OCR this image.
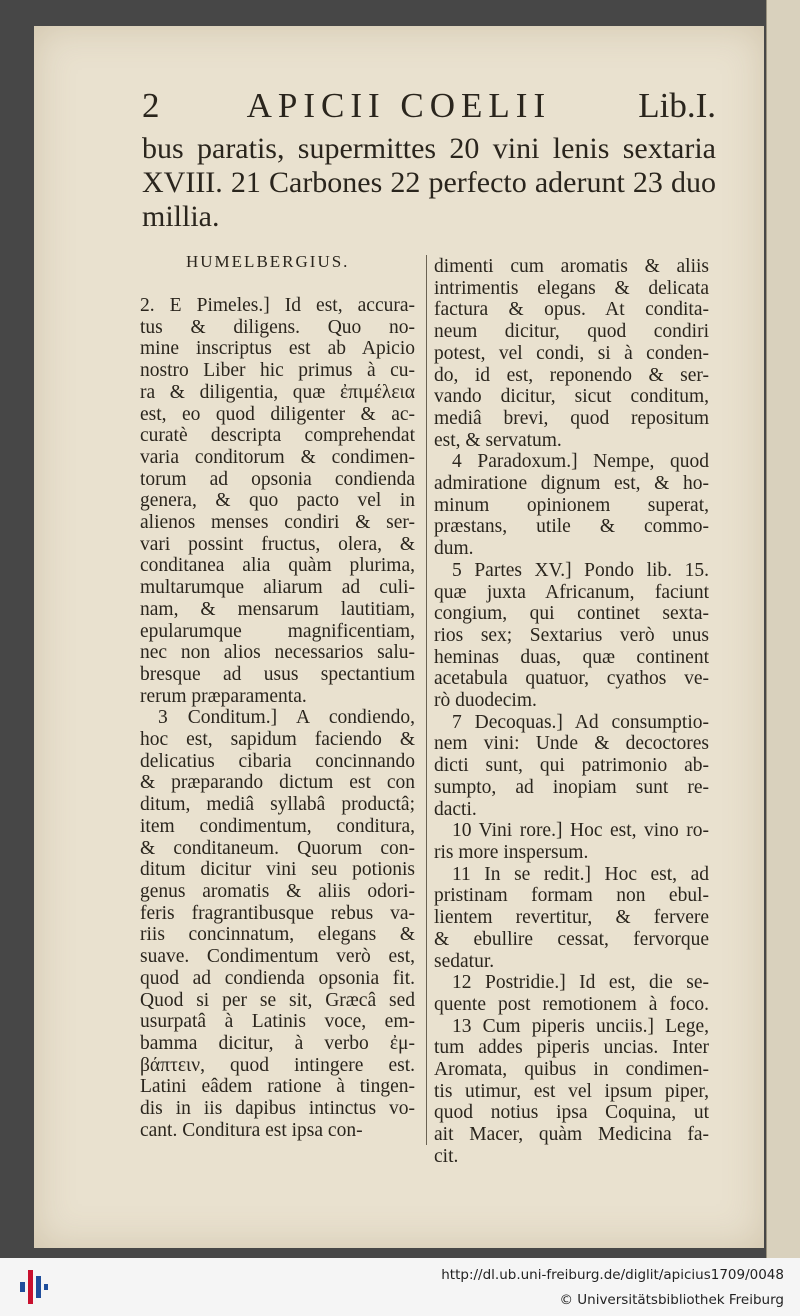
2 APICII COELII Lib.I.
bus paratis, supermittes 20 vini lenis sextaria
XVIII. 21 Carbones 22 perfecto aderunt 23 duo
millia.
HUMELBERGIUS.
2. E Pimeles.] Id est, accura-
tus & diligens. Quo no-
mine inscriptus est ab Apicio
nostro Liber hic primus à cu-
ra & diligentia, quæ ἐπιμέλεια
est, eo quod diligenter & ac-
curatè descripta comprehendat
varia conditorum & condimen-
torum ad opsonia condienda
genera, & quo pacto vel in
alienos menses condiri & ser-
vari possint fructus, olera, &
conditanea alia quàm plurima,
multarumque aliarum ad culi-
nam, & mensarum lautitiam,
epularumque magnificentiam,
nec non alios necessarios salu-
bresque ad usus spectantium
rerum præparamenta.
3 Conditum.] A condiendo,
hoc est, sapidum faciendo &
delicatius cibaria concinnando
& præparando dictum est con
ditum, mediâ syllabâ productâ;
item condimentum, conditura,
& conditaneum. Quorum con-
ditum dicitur vini seu potionis
genus aromatis & aliis odori-
feris fragrantibusque rebus va-
riis concinnatum, elegans &
suave. Condimentum verò est,
quod ad condienda opsonia fit.
Quod si per se sit, Græcâ sed
usurpatâ à Latinis voce, em-
bamma dicitur, à verbo ἐμ-
βάπτειν, quod intingere est.
Latini eâdem ratione à tingen-
dis in iis dapibus intinctus vo-
cant. Conditura est ipsa con-
dimenti cum aromatis & aliis
intrimentis elegans & delicata
factura & opus. At condita-
neum dicitur, quod condiri
potest, vel condi, si à conden-
do, id est, reponendo & ser-
vando dicitur, sicut conditum,
mediâ brevi, quod repositum
est, & servatum.
4 Paradoxum.] Nempe, quod
admiratione dignum est, & ho-
minum opinionem superat,
præstans, utile & commo-
dum.
5 Partes XV.] Pondo lib. 15.
quæ juxta Africanum, faciunt
congium, qui continet sexta-
rios sex; Sextarius verò unus
heminas duas, quæ continent
acetabula quatuor, cyathos ve-
rò duodecim.
7 Decoquas.] Ad consumptio-
nem vini: Unde & decoctores
dicti sunt, qui patrimonio ab-
sumpto, ad inopiam sunt re-
dacti.
10 Vini rore.] Hoc est, vino ro-
ris more inspersum.
11 In se redit.] Hoc est, ad
pristinam formam non ebul-
lientem revertitur, & fervere
& ebullire cessat, fervorque
sedatur.
12 Postridie.] Id est, die se-
quente post remotionem à foco.
13 Cum piperis unciis.] Lege,
tum addes piperis uncias. Inter
Aromata, quibus in condimen-
tis utimur, est vel ipsum piper,
quod notius ipsa Coquina, ut
ait Macer, quàm Medicina fa-
cit.
http://dl.ub.uni-freiburg.de/diglit/apicius1709/0048
© Universitätsbibliothek Freiburg
